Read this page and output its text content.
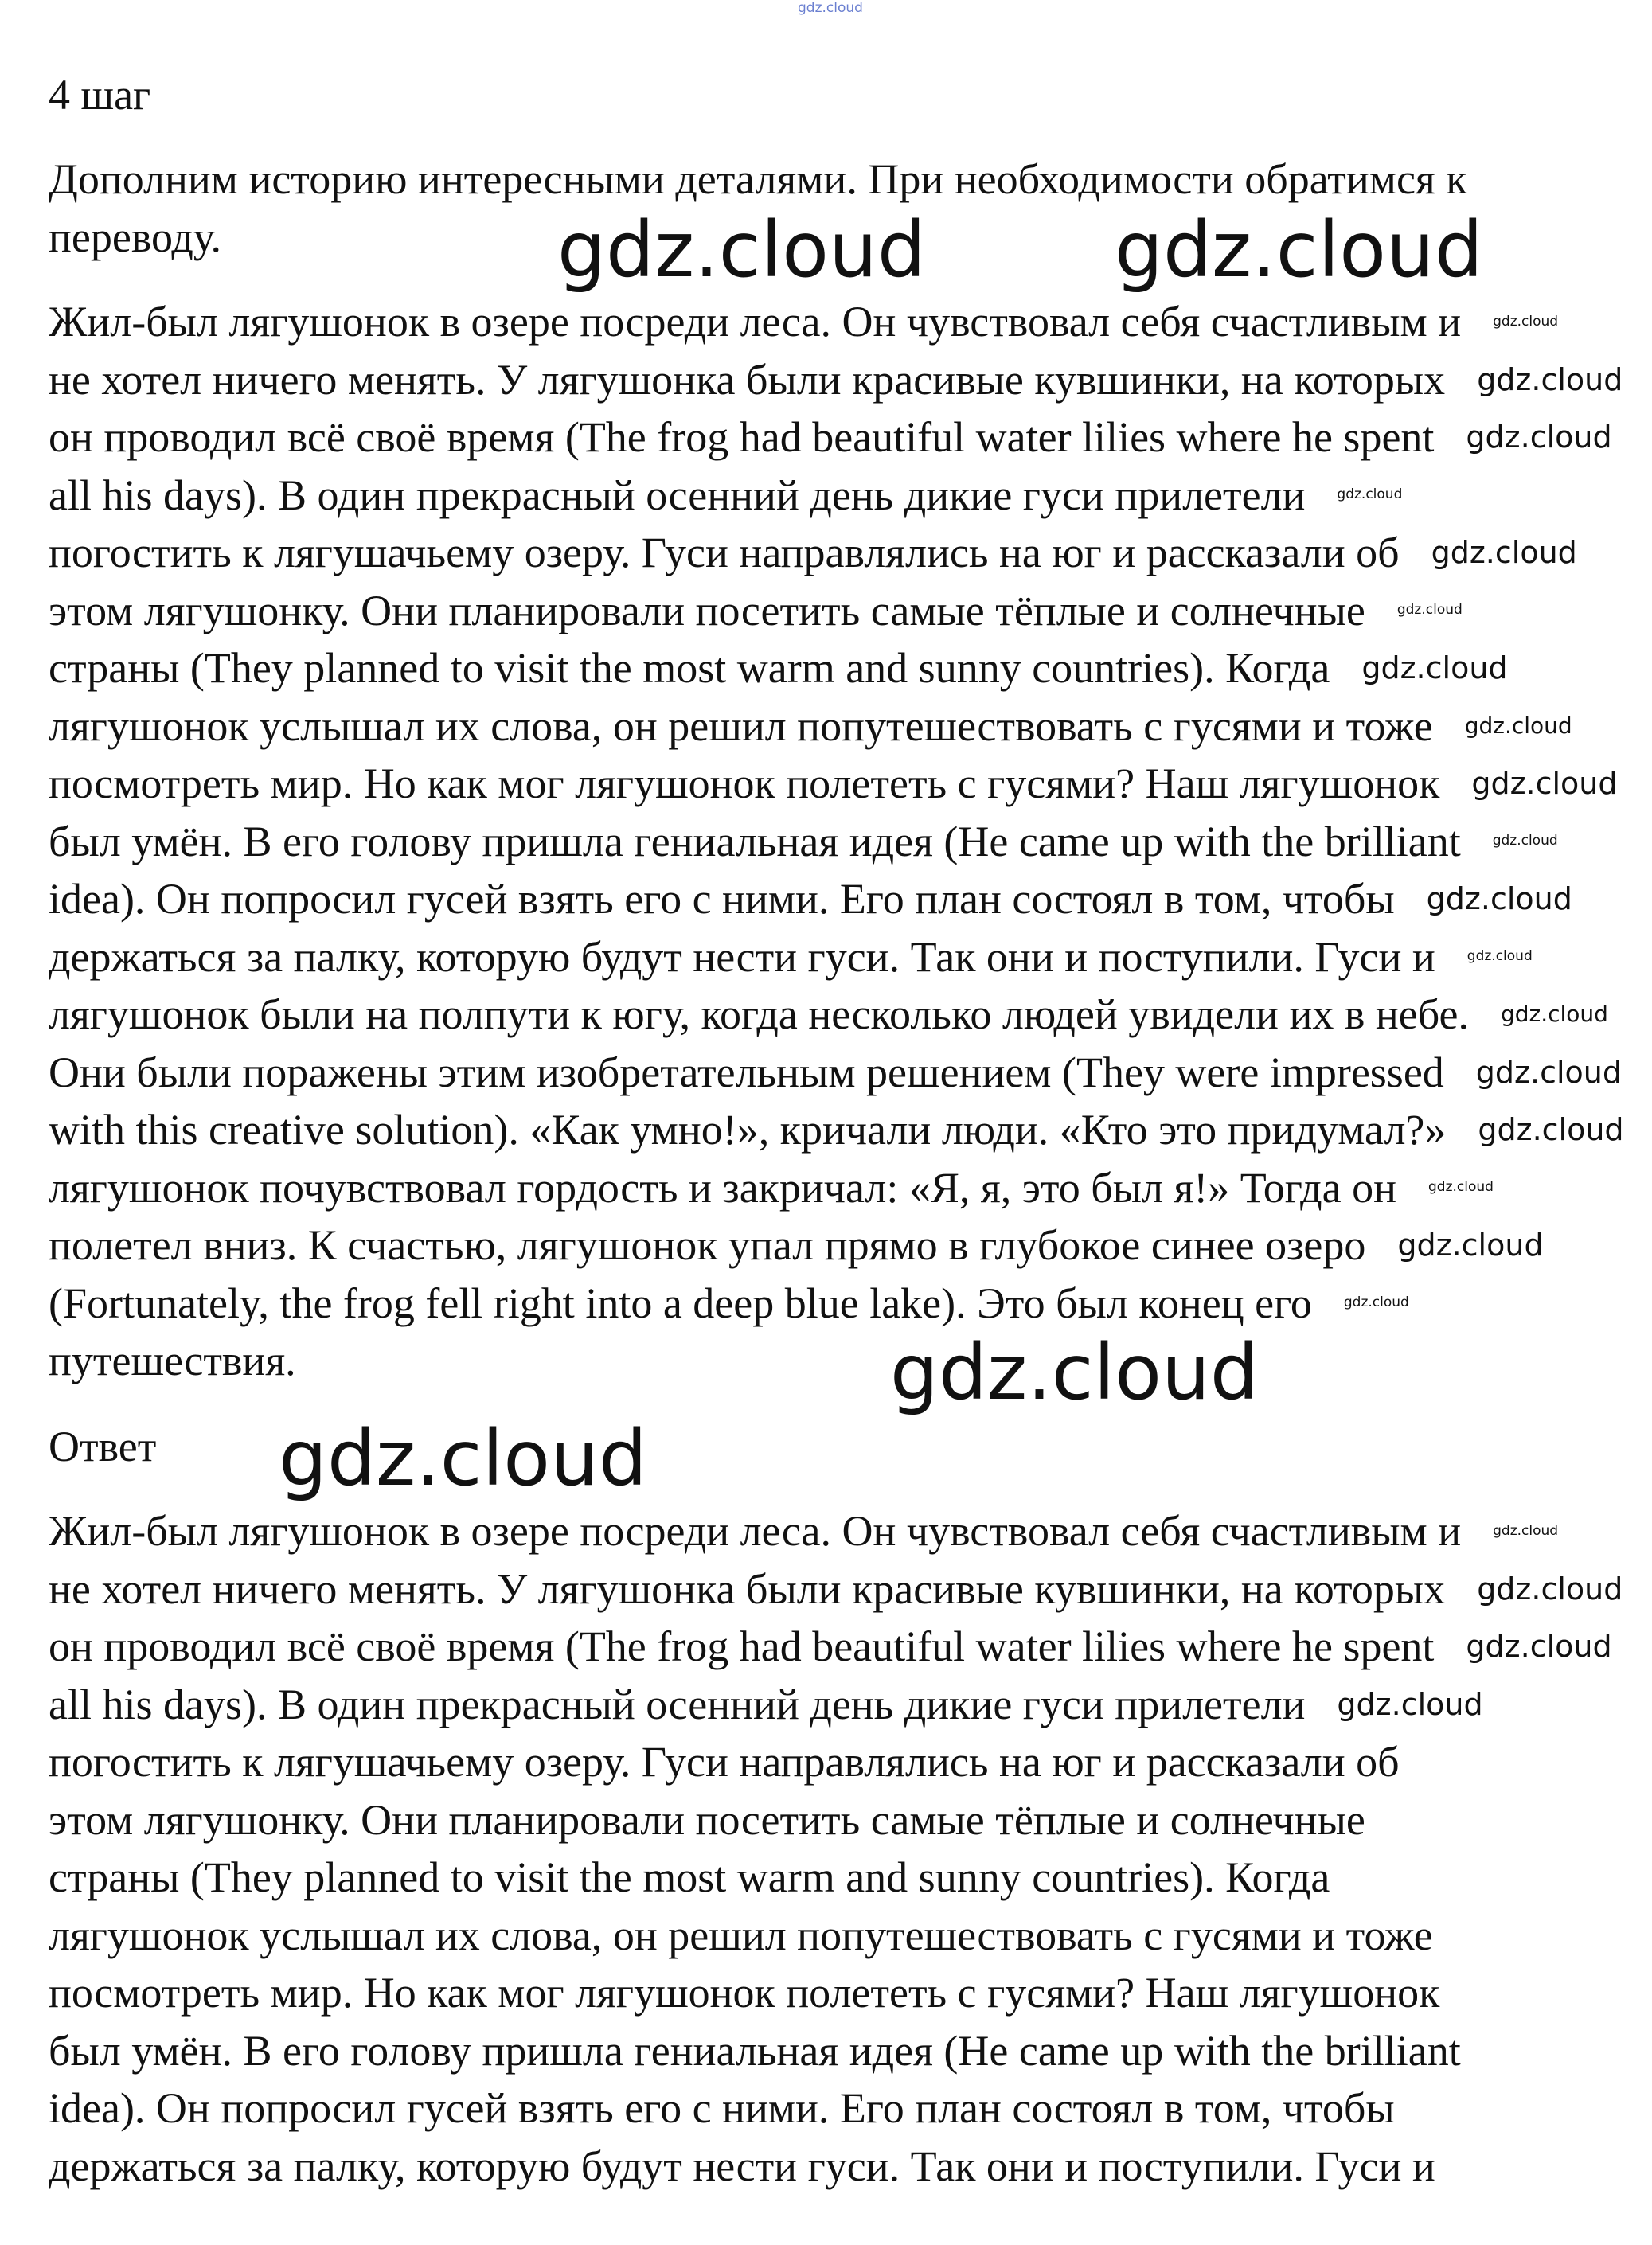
gdz.cloud
4 шаг
Дополним историю интересными деталями. При необходимости обратимся к
переводу.
Жил-был лягушонок в озере посреди леса. Он чувствовал себя счастливым и
не хотел ничего менять. У лягушонка были красивые кувшинки, на которых
он проводил всё своё время (The frog had beautiful water lilies where he spent
all his days). В один прекрасный осенний день дикие гуси прилетели
погостить к лягушачьему озеру. Гуси направлялись на юг и рассказали об
этом лягушонку. Они планировали посетить самые тёплые и солнечные
страны (They planned to visit the most warm and sunny countries). Когда
лягушонок услышал их слова, он решил попутешествовать с гусями и тоже
посмотреть мир. Но как мог лягушонок полететь с гусями? Наш лягушонок
был умён. В его голову пришла гениальная идея (He came up with the brilliant
idea). Он попросил гусей взять его с ними. Его план состоял в том, чтобы
держаться за палку, которую будут нести гуси. Так они и поступили. Гуси и
лягушонок были на полпути к югу, когда несколько людей увидели их в небе.
Они были поражены этим изобретательным решением (They were impressed
with this creative solution). «Как умно!», кричали люди. «Кто это придумал?»
лягушонок почувствовал гордость и закричал: «Я, я, это был я!» Тогда он
полетел вниз. К счастью, лягушонок упал прямо в глубокое синее озеро
(Fortunately, the frog fell right into a deep blue lake). Это был конец его
путешествия.
Ответ
Жил-был лягушонок в озере посреди леса. Он чувствовал себя счастливым и
не хотел ничего менять. У лягушонка были красивые кувшинки, на которых
он проводил всё своё время (The frog had beautiful water lilies where he spent
all his days). В один прекрасный осенний день дикие гуси прилетели
погостить к лягушачьему озеру. Гуси направлялись на юг и рассказали об
этом лягушонку. Они планировали посетить самые тёплые и солнечные
страны (They planned to visit the most warm and sunny countries). Когда
лягушонок услышал их слова, он решил попутешествовать с гусями и тоже
посмотреть мир. Но как мог лягушонок полететь с гусями? Наш лягушонок
был умён. В его голову пришла гениальная идея (He came up with the brilliant
idea). Он попросил гусей взять его с ними. Его план состоял в том, чтобы
держаться за палку, которую будут нести гуси. Так они и поступили. Гуси и
gdz.cloud gdz.cloud
gdz.cloud
gdz.cloud
gdz.cloud
gdz.cloud
gdz.cloud
gdz.cloud
gdz.cloud
gdz.cloud
gdz.cloud
gdz.cloud
gdz.cloud
gdz.cloud
gdz.cloud
gdz.cloud
gdz.cloud
gdz.cloud
gdz.cloud
gdz.cloud
gdz.cloud
gdz.cloud
gdz.cloud
gdz.cloud
gdz.cloud
gdz.cloud
